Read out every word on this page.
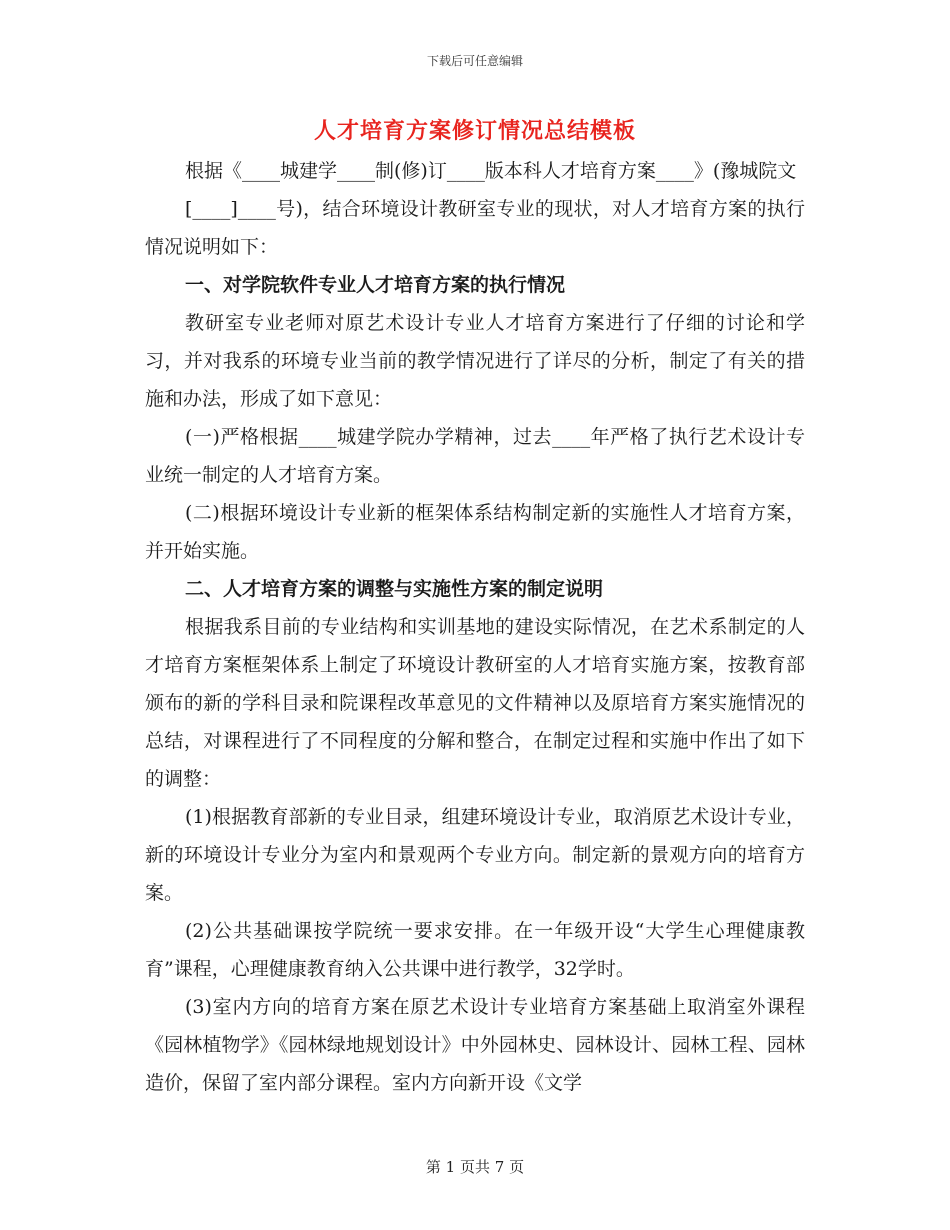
下载后可任意编辑
人才培育方案修订情况总结模板

根据《____城建学____制(修)订____版本科人才培育方案____》(豫城院文

[____]____号)，结合环境设计教研室专业的现状，对人才培育方案的执行情况说明如下：

一、对学院软件专业人才培育方案的执行情况

教研室专业老师对原艺术设计专业人才培育方案进行了仔细的讨论和学习，并对我系的环境专业当前的教学情况进行了详尽的分析，制定了有关的措施和办法，形成了如下意见：

(一)严格根据____城建学院办学精神，过去____年严格了执行艺术设计专业统一制定的人才培育方案。

(二)根据环境设计专业新的框架体系结构制定新的实施性人才培育方案，并开始实施。

二、人才培育方案的调整与实施性方案的制定说明

根据我系目前的专业结构和实训基地的建设实际情况，在艺术系制定的人才培育方案框架体系上制定了环境设计教研室的人才培育实施方案，按教育部颁布的新的学科目录和院课程改革意见的文件精神以及原培育方案实施情况的总结，对课程进行了不同程度的分解和整合，在制定过程和实施中作出了如下的调整：

(1)根据教育部新的专业目录，组建环境设计专业，取消原艺术设计专业，新的环境设计专业分为室内和景观两个专业方向。制定新的景观方向的培育方案。

(2)公共基础课按学院统一要求安排。在一年级开设“大学生心理健康教育”课程，心理健康教育纳入公共课中进行教学，32学时。

(3)室内方向的培育方案在原艺术设计专业培育方案基础上取消室外课程《园林植物学》《园林绿地规划设计》中外园林史、园林设计、园林工程、园林造价，保留了室内部分课程。室内方向新开设《文学

第 1 页共 7 页
